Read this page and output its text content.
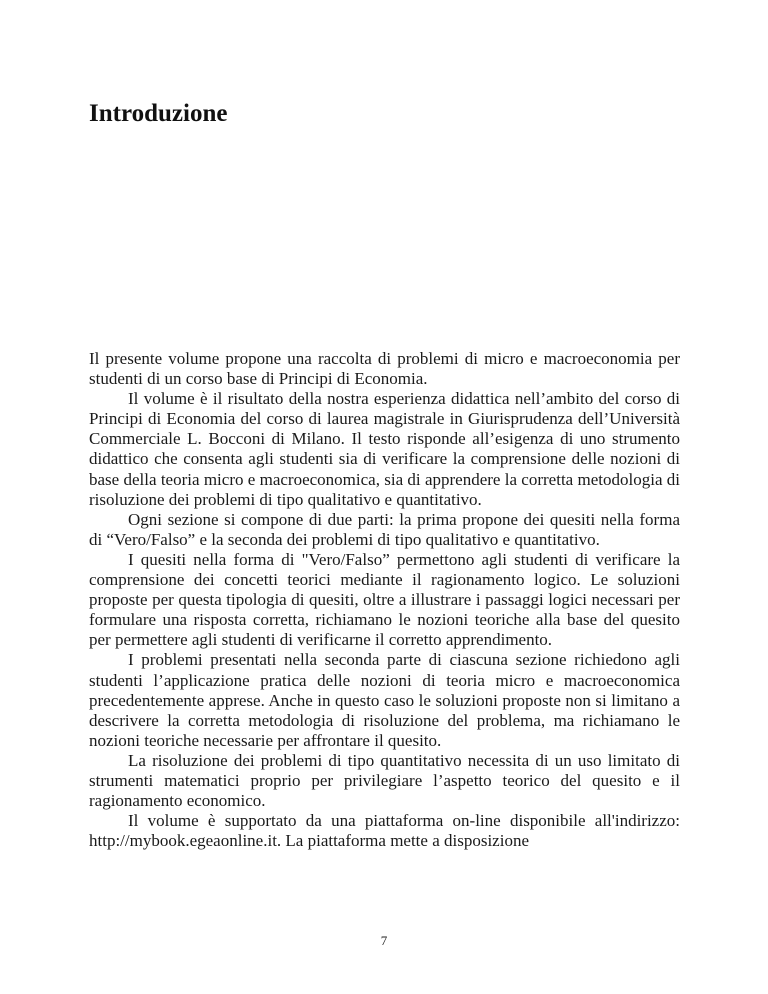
Introduzione

Il presente volume propone una raccolta di problemi di micro e macroeconomia per studenti di un corso base di Principi di Economia.

Il volume è il risultato della nostra esperienza didattica nell’ambito del corso di Principi di Economia del corso di laurea magistrale in Giurisprudenza dell’Università Commerciale L. Bocconi di Milano. Il testo risponde all’esigenza di uno strumento didattico che consenta agli studenti sia di verificare la comprensione delle nozioni di base della teoria micro e macroeconomica, sia di apprendere la corretta metodologia di risoluzione dei problemi di tipo qualitativo e quantitativo.

Ogni sezione si compone di due parti: la prima propone dei quesiti nella forma di “Vero/Falso” e la seconda dei problemi di tipo qualitativo e quantitativo.

I quesiti nella forma di "Vero/Falso” permettono agli studenti di verificare la comprensione dei concetti teorici mediante il ragionamento logico. Le soluzioni proposte per questa tipologia di quesiti, oltre a illustrare i passaggi logici necessari per formulare una risposta corretta, richiamano le nozioni teoriche alla base del quesito per permettere agli studenti di verificarne il corretto apprendimento.

I problemi presentati nella seconda parte di ciascuna sezione richiedono agli studenti l’applicazione pratica delle nozioni di teoria micro e macroeconomica precedentemente apprese. Anche in questo caso le soluzioni proposte non si limitano a descrivere la corretta metodologia di risoluzione del problema, ma richiamano le nozioni teoriche necessarie per affrontare il quesito.

La risoluzione dei problemi di tipo quantitativo necessita di un uso limitato di strumenti matematici proprio per privilegiare l’aspetto teorico del quesito e il ragionamento economico.

Il volume è supportato da una piattaforma on-line disponibile all'indirizzo: http://mybook.egeaonline.it. La piattaforma mette a disposizione

7
